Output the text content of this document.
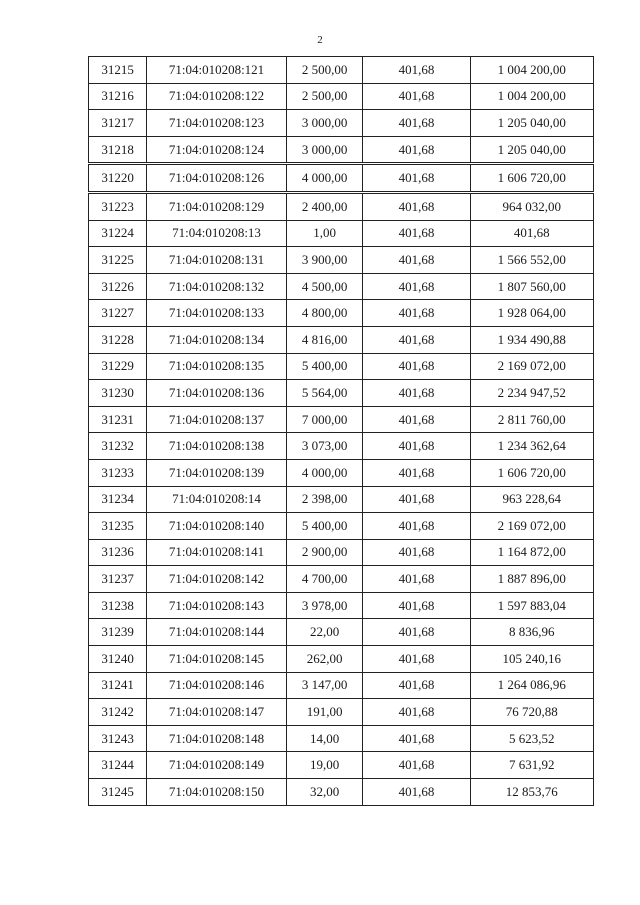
2
31215	71:04:010208:121	2 500,00	401,68	1 004 200,00
31216	71:04:010208:122	2 500,00	401,68	1 004 200,00
31217	71:04:010208:123	3 000,00	401,68	1 205 040,00
31218	71:04:010208:124	3 000,00	401,68	1 205 040,00
31220	71:04:010208:126	4 000,00	401,68	1 606 720,00
31223	71:04:010208:129	2 400,00	401,68	964 032,00
31224	71:04:010208:13	1,00	401,68	401,68
31225	71:04:010208:131	3 900,00	401,68	1 566 552,00
31226	71:04:010208:132	4 500,00	401,68	1 807 560,00
31227	71:04:010208:133	4 800,00	401,68	1 928 064,00
31228	71:04:010208:134	4 816,00	401,68	1 934 490,88
31229	71:04:010208:135	5 400,00	401,68	2 169 072,00
31230	71:04:010208:136	5 564,00	401,68	2 234 947,52
31231	71:04:010208:137	7 000,00	401,68	2 811 760,00
31232	71:04:010208:138	3 073,00	401,68	1 234 362,64
31233	71:04:010208:139	4 000,00	401,68	1 606 720,00
31234	71:04:010208:14	2 398,00	401,68	963 228,64
31235	71:04:010208:140	5 400,00	401,68	2 169 072,00
31236	71:04:010208:141	2 900,00	401,68	1 164 872,00
31237	71:04:010208:142	4 700,00	401,68	1 887 896,00
31238	71:04:010208:143	3 978,00	401,68	1 597 883,04
31239	71:04:010208:144	22,00	401,68	8 836,96
31240	71:04:010208:145	262,00	401,68	105 240,16
31241	71:04:010208:146	3 147,00	401,68	1 264 086,96
31242	71:04:010208:147	191,00	401,68	76 720,88
31243	71:04:010208:148	14,00	401,68	5 623,52
31244	71:04:010208:149	19,00	401,68	7 631,92
31245	71:04:010208:150	32,00	401,68	12 853,76
